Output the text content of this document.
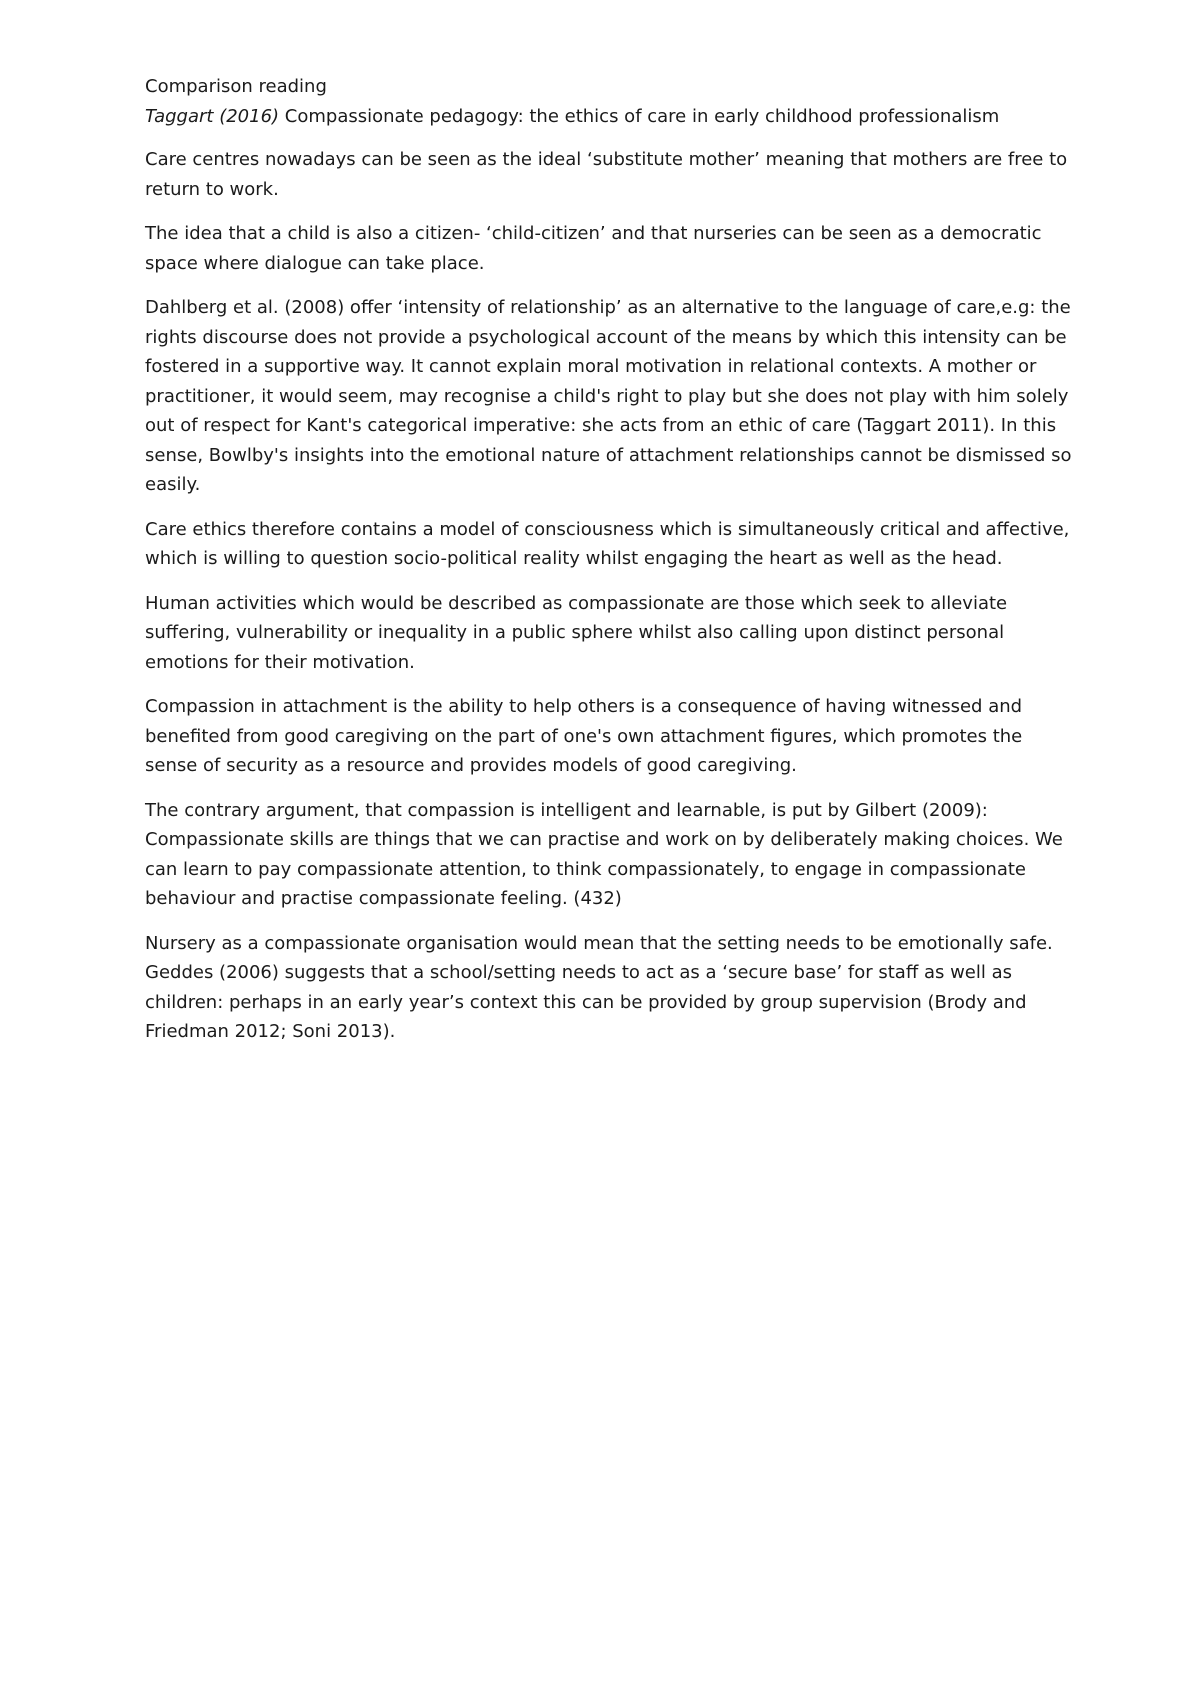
Comparison reading
Taggart (2016) Compassionate pedagogy: the ethics of care in early childhood professionalism

Care centres nowadays can be seen as the ideal ‘substitute mother’ meaning that mothers are free to return to work.

The idea that a child is also a citizen- ‘child-citizen’ and that nurseries can be seen as a democratic space where dialogue can take place.

Dahlberg et al. (2008) offer ‘intensity of relationship’ as an alternative to the language of care,e.g: the rights discourse does not provide a psychological account of the means by which this intensity can be fostered in a supportive way. It cannot explain moral motivation in relational contexts. A mother or practitioner, it would seem, may recognise a child's right to play but she does not play with him solely out of respect for Kant's categorical imperative: she acts from an ethic of care (Taggart 2011). In this sense, Bowlby's insights into the emotional nature of attachment relationships cannot be dismissed so easily.

Care ethics therefore contains a model of consciousness which is simultaneously critical and affective, which is willing to question socio-political reality whilst engaging the heart as well as the head.

Human activities which would be described as compassionate are those which seek to alleviate suffering, vulnerability or inequality in a public sphere whilst also calling upon distinct personal emotions for their motivation.

Compassion in attachment is the ability to help others is a consequence of having witnessed and benefited from good caregiving on the part of one's own attachment figures, which promotes the sense of security as a resource and provides models of good caregiving.

The contrary argument, that compassion is intelligent and learnable, is put by Gilbert (2009): Compassionate skills are things that we can practise and work on by deliberately making choices. We can learn to pay compassionate attention, to think compassionately, to engage in compassionate behaviour and practise compassionate feeling. (432)

Nursery as a compassionate organisation would mean that the setting needs to be emotionally safe. Geddes (2006) suggests that a school/setting needs to act as a ‘secure base’ for staff as well as children: perhaps in an early year’s context this can be provided by group supervision (Brody and Friedman 2012; Soni 2013).
